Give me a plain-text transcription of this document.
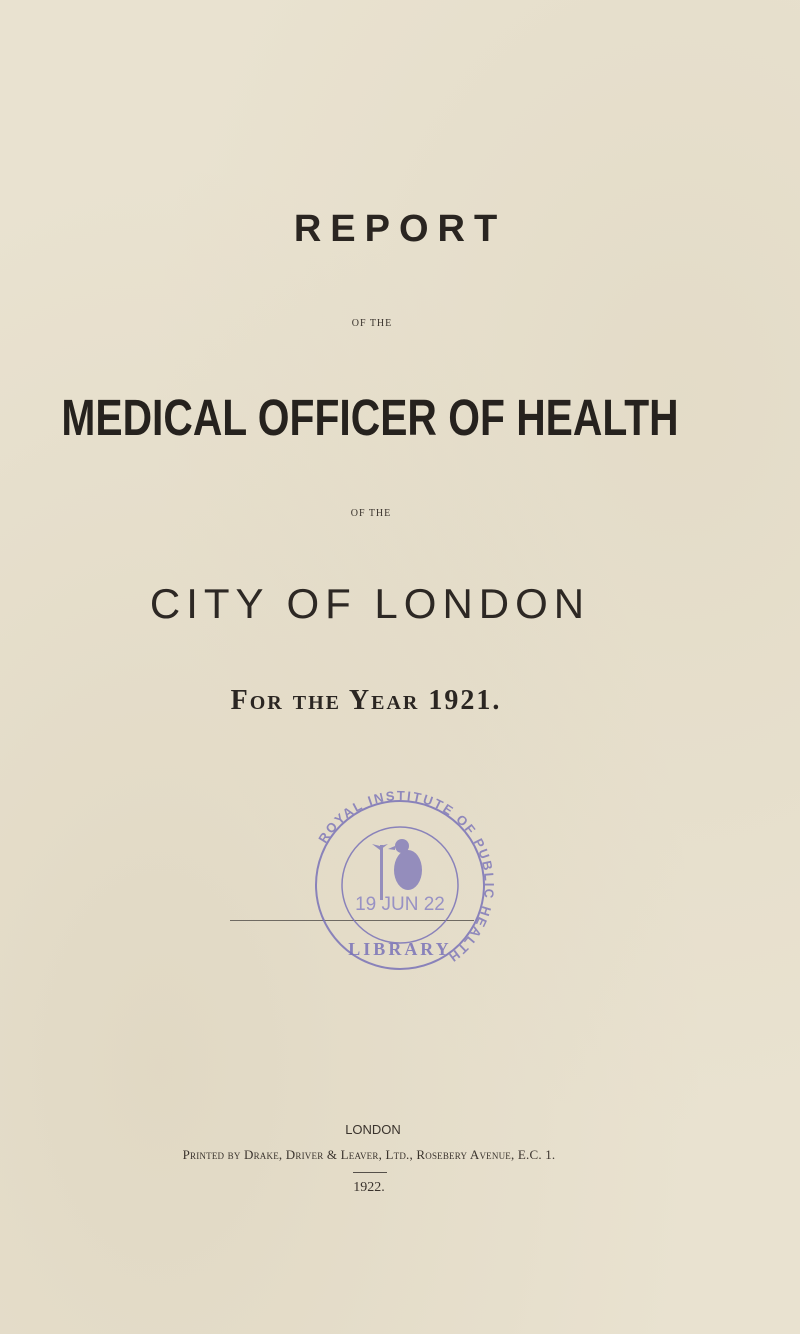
REPORT
OF THE
MEDICAL OFFICER OF HEALTH
OF THE
CITY OF LONDON
For the Year 1921.
ROYAL INSTITUTE OF PUBLIC HEALTH
19 JUN 22
LIBRARY
LONDON
Printed by Drake, Driver & Leaver, Ltd., Rosebery Avenue, E.C. 1.
1922.
